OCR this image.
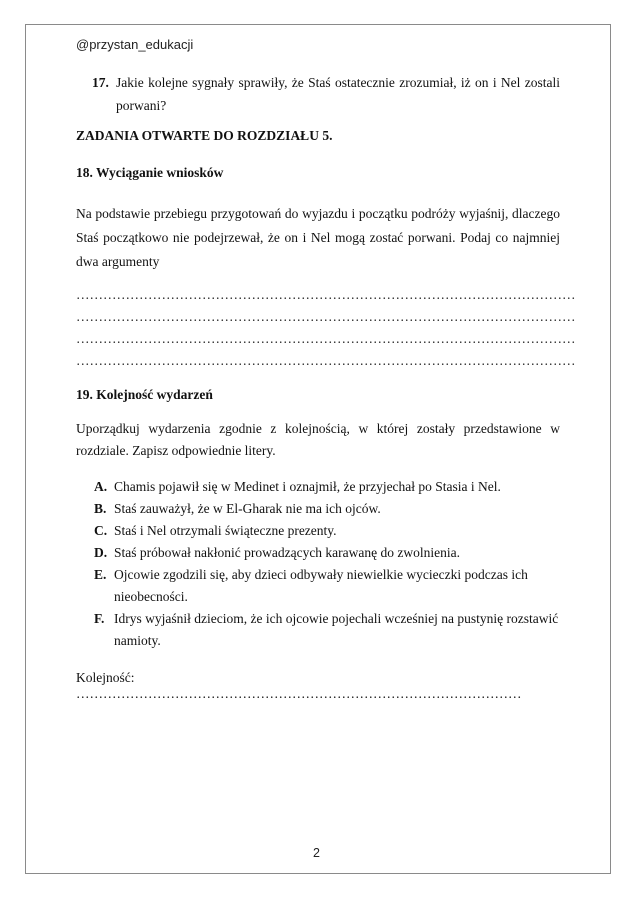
@przystan_edukacji
17. Jakie kolejne sygnały sprawiły, że Staś ostatecznie zrozumiał, iż on i Nel zostali
porwani?
ZADANIA OTWARTE DO ROZDZIAŁU 5.
18. Wyciąganie wniosków
Na podstawie przebiegu przygotowań do wyjazdu i początku podróży wyjaśnij, dlaczego Staś początkowo nie podejrzewał, że on i Nel mogą zostać porwani. Podaj co najmniej dwa argumenty
…………………………………………………………………………………………………
…………………………………………………………………………………………………
…………………………………………………………………………………………………
…………………………………………………………………………………………………
19. Kolejność wydarzeń
Uporządkuj wydarzenia zgodnie z kolejnością, w której zostały przedstawione w rozdziale. Zapisz odpowiednie litery.
A. Chamis pojawił się w Medinet i oznajmił, że przyjechał po Stasia i Nel.
B. Staś zauważył, że w El-Gharak nie ma ich ojców.
C. Staś i Nel otrzymali świąteczne prezenty.
D. Staś próbował nakłonić prowadzących karawanę do zwolnienia.
E. Ojcowie zgodzili się, aby dzieci odbywały niewielkie wycieczki podczas ich
nieobecności.
F. Idrys wyjaśnił dzieciom, że ich ojcowie pojechali wcześniej na pustynię rozstawić
namioty.
Kolejność:
………………………………………………………………………………………
2
